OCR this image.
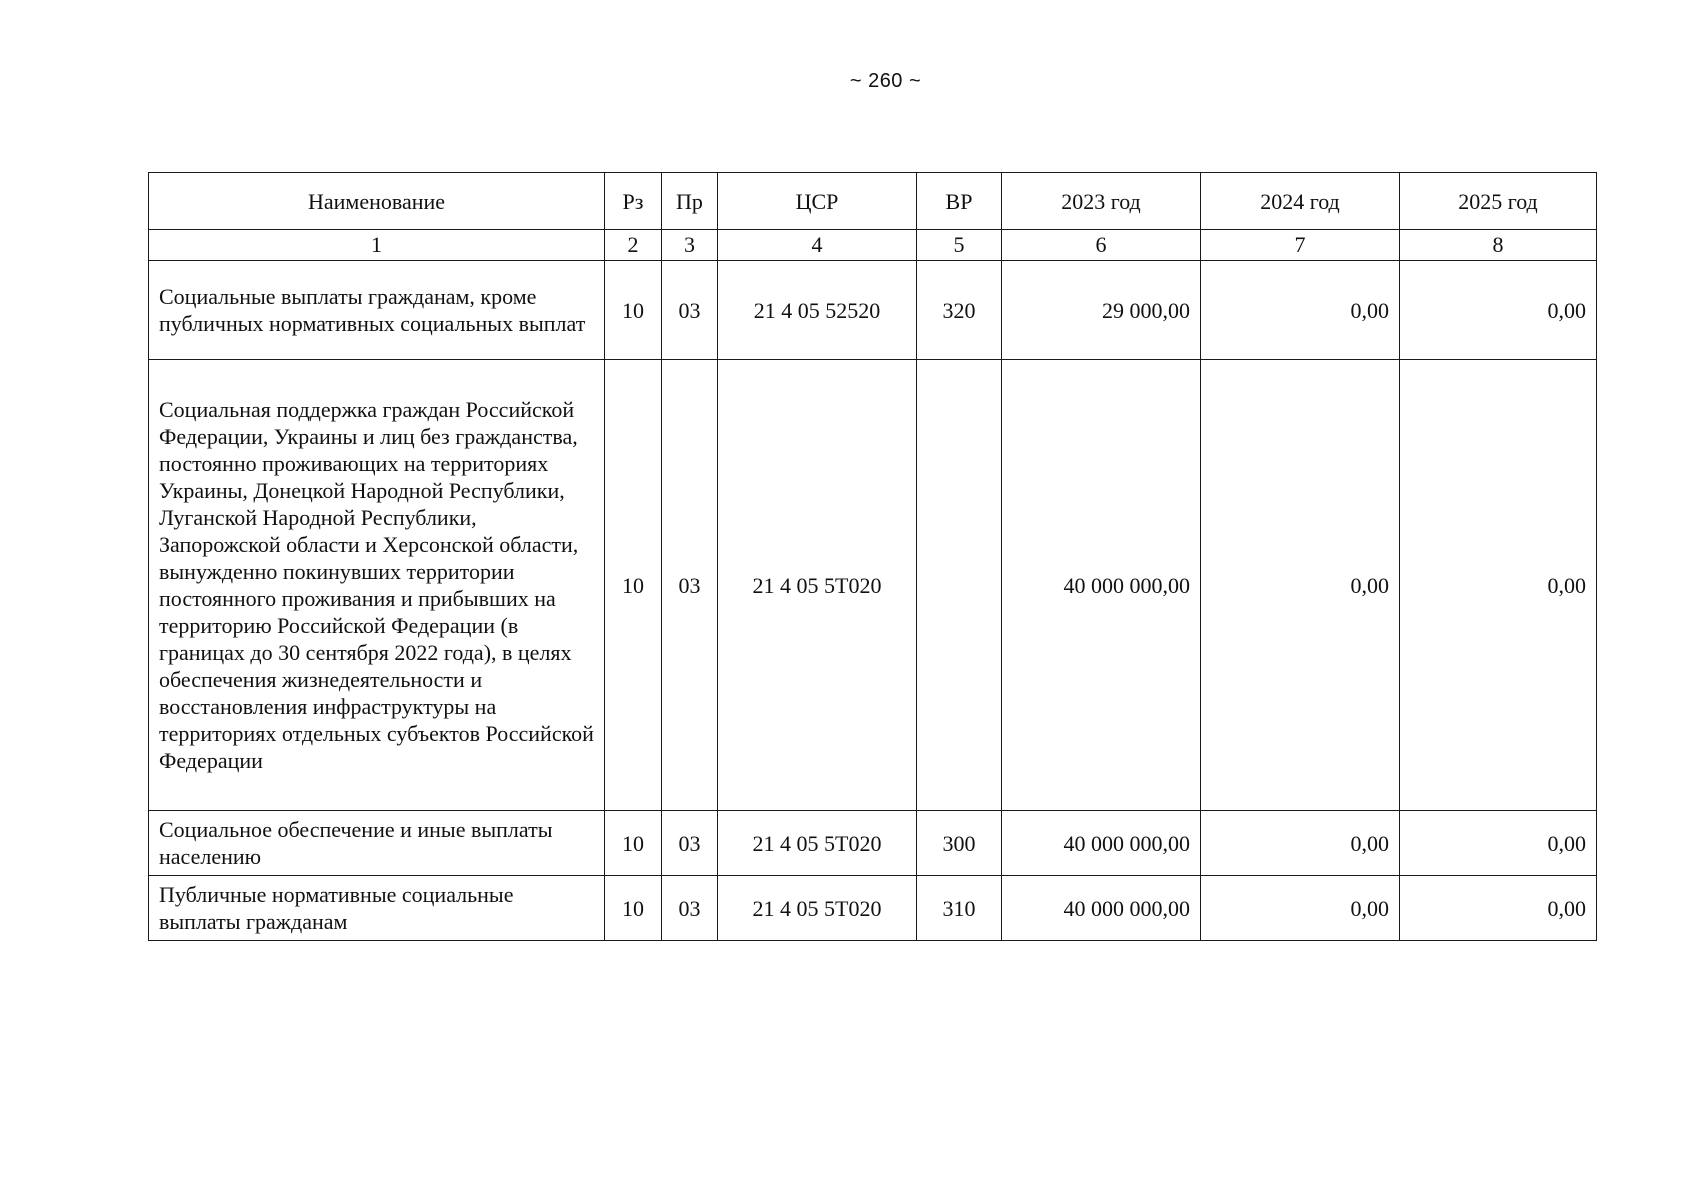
~ 260 ~
Наименование	Рз	Пр	ЦСР	ВР	2023 год	2024 год	2025 год
1	2	3	4	5	6	7	8
Социальные выплаты гражданам, кроме публичных нормативных социальных выплат	10	03	21 4 05 52520	320	29 000,00	0,00	0,00
Социальная поддержка граждан Российской Федерации, Украины и лиц без гражданства, постоянно проживающих на территориях Украины, Донецкой Народной Республики, Луганской Народной Республики, Запорожской области и Херсонской области, вынужденно покинувших территории постоянного проживания и прибывших на территорию Российской Федерации (в границах до 30 сентября 2022 года), в целях обеспечения жизнедеятельности и восстановления инфраструктуры на территориях отдельных субъектов Российской Федерации	10	03	21 4 05 5Т020		40 000 000,00	0,00	0,00
Социальное обеспечение и иные выплаты населению	10	03	21 4 05 5Т020	300	40 000 000,00	0,00	0,00
Публичные нормативные социальные выплаты гражданам	10	03	21 4 05 5Т020	310	40 000 000,00	0,00	0,00
